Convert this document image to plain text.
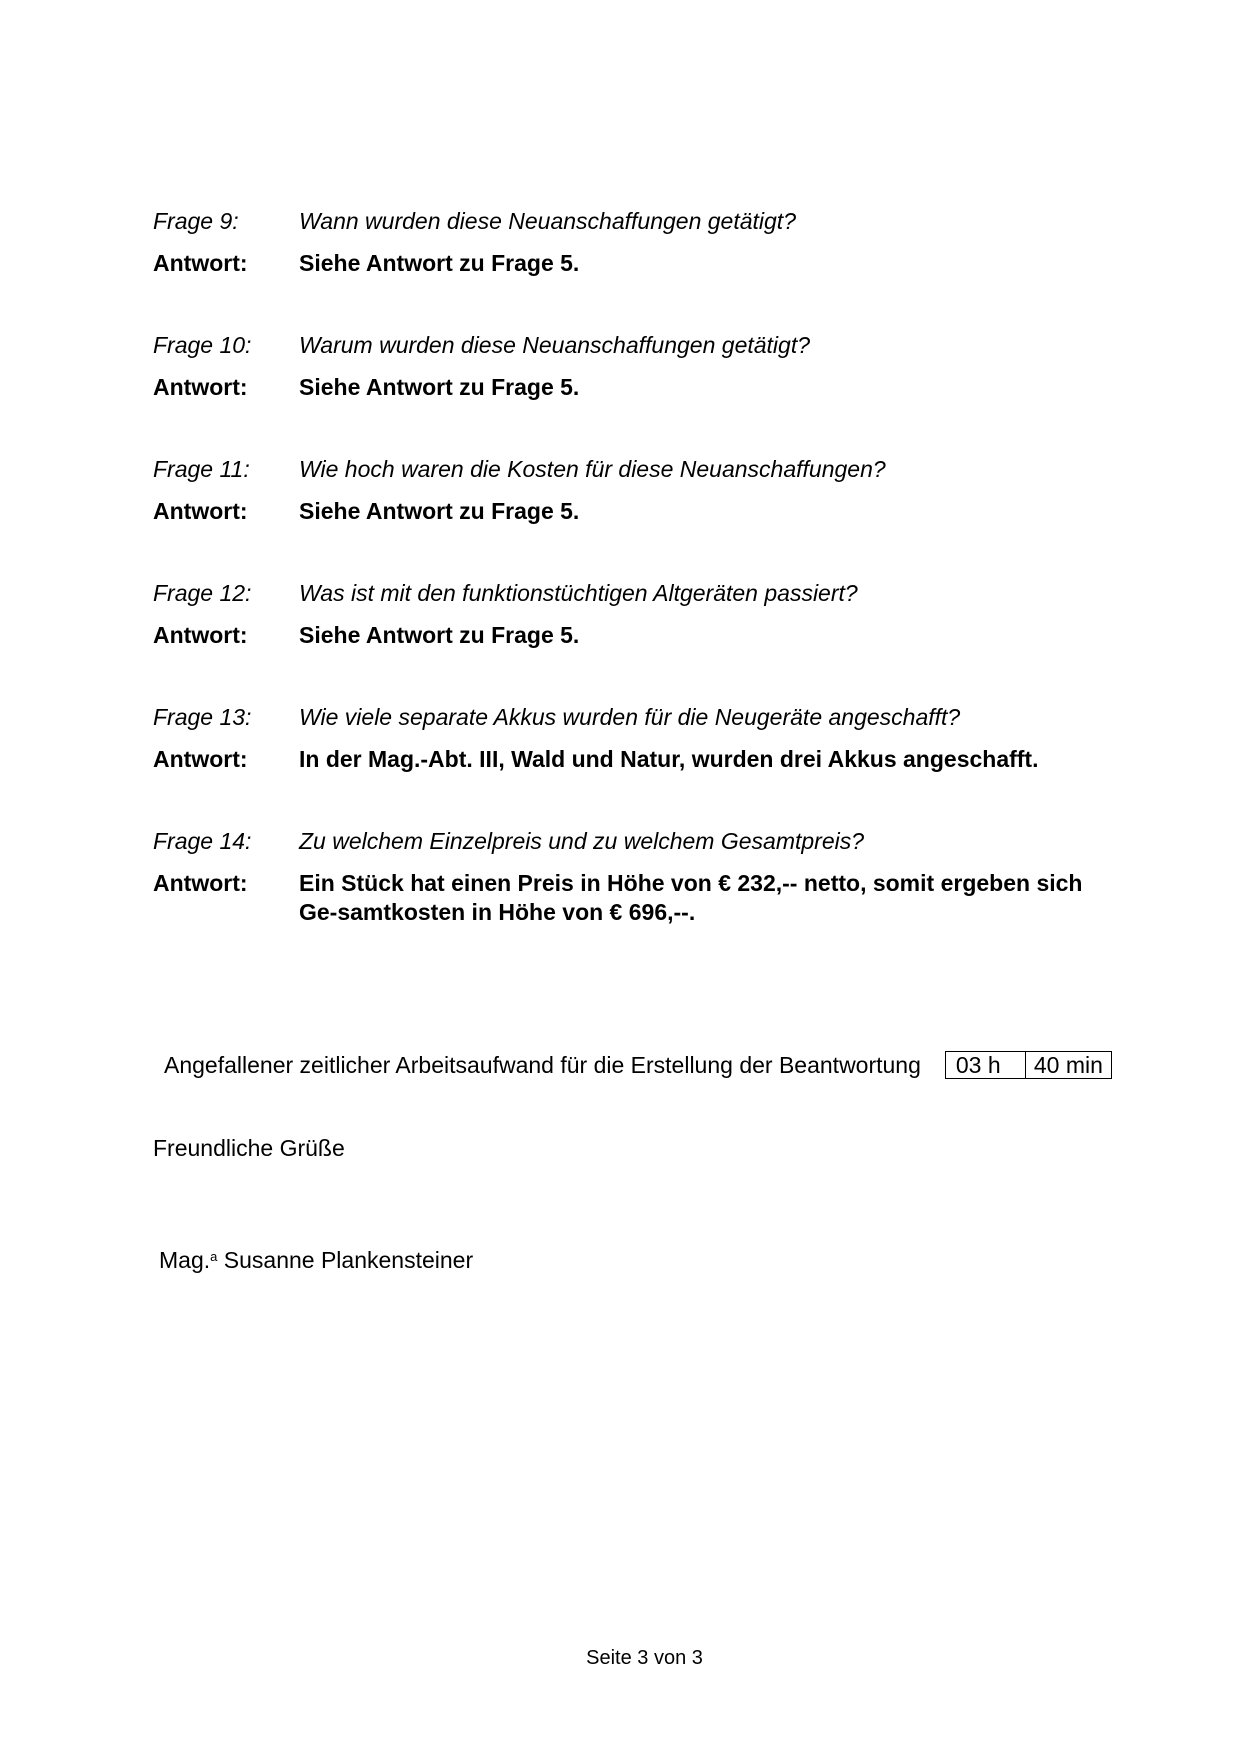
Frage 9:	Wann wurden diese Neuanschaffungen getätigt?
Antwort:	Siehe Antwort zu Frage 5.
Frage 10:	Warum wurden diese Neuanschaffungen getätigt?
Antwort:	Siehe Antwort zu Frage 5.
Frage 11:	Wie hoch waren die Kosten für diese Neuanschaffungen?
Antwort:	Siehe Antwort zu Frage 5.
Frage 12:	Was ist mit den funktionstüchtigen Altgeräten passiert?
Antwort:	Siehe Antwort zu Frage 5.
Frage 13:	Wie viele separate Akkus wurden für die Neugeräte angeschafft?
Antwort:	In der Mag.-Abt. III, Wald und Natur, wurden drei Akkus angeschafft.
Frage 14:	Zu welchem Einzelpreis und zu welchem Gesamtpreis?
Antwort:	Ein Stück hat einen Preis in Höhe von € 232,-- netto, somit ergeben sich Ge-samtkosten in Höhe von € 696,--.
Angefallener zeitlicher Arbeitsaufwand für die Erstellung der Beantwortung	03 h	40 min
Freundliche Grüße
Mag.$^a$ Susanne Plankensteiner
Seite 3 von 3
